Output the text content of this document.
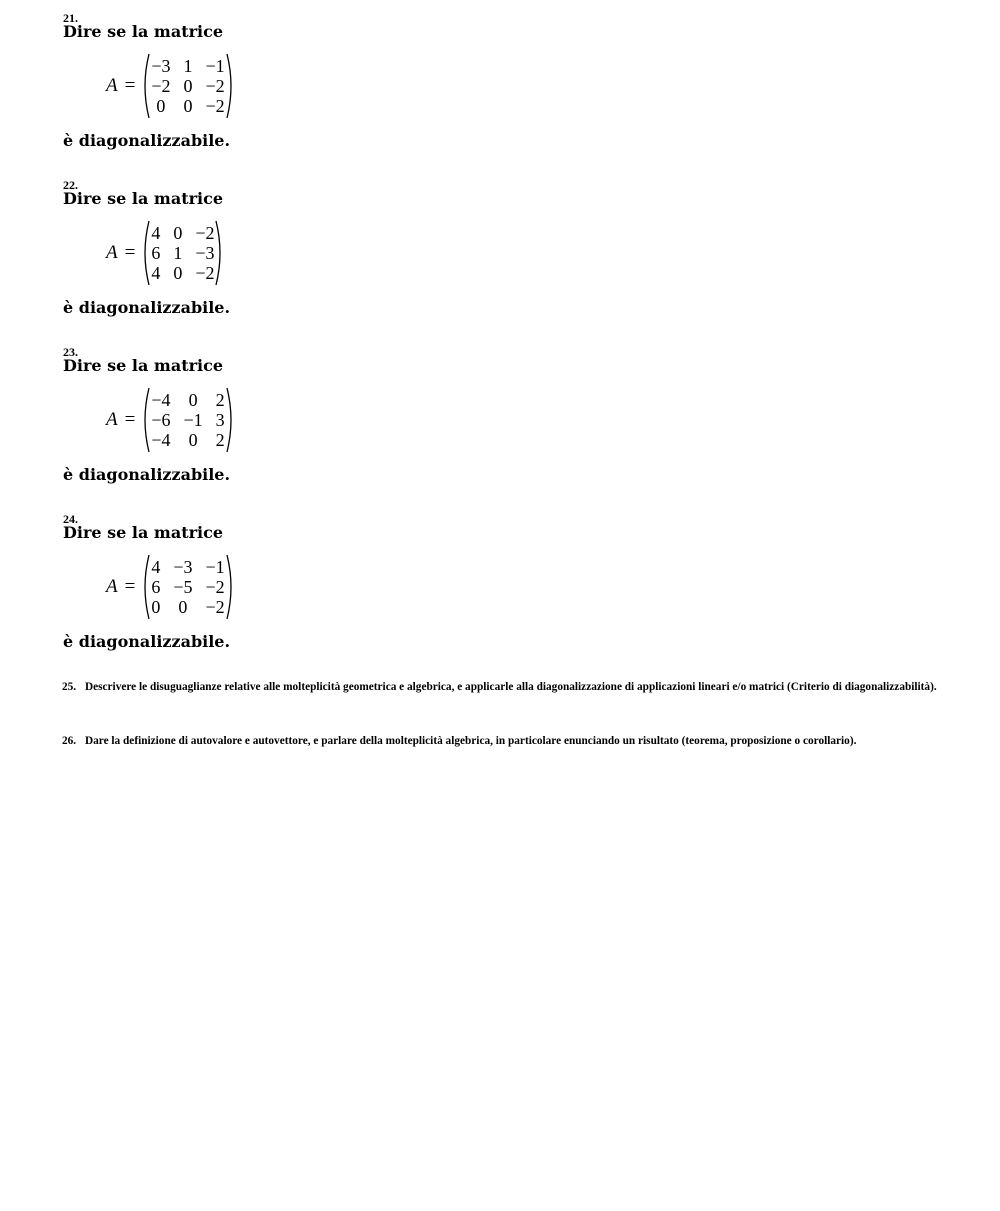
21.
Dire se la matrice
A =
−3 1 −1
−2 0 −2
0 0 −2
è diagonalizzabile.
22.
Dire se la matrice
A =
4 0 −2
6 1 −3
4 0 −2
è diagonalizzabile.
23.
Dire se la matrice
A =
−4 0 2
−6 −1 3
−4 0 2
è diagonalizzabile.
24.
Dire se la matrice
A =
4 −3 −1
6 −5 −2
0 0 −2
è diagonalizzabile.
25. Descrivere le disuguaglianze relative alle molteplicità geometrica e algebrica, e applicarle alla diagonalizzazione di applicazioni lineari e/o matrici (Criterio di diagonalizzabilità).
26. Dare la definizione di autovalore e autovettore, e parlare della molteplicità algebrica, in particolare enunciando un risultato (teorema, proposizione o corollario).
